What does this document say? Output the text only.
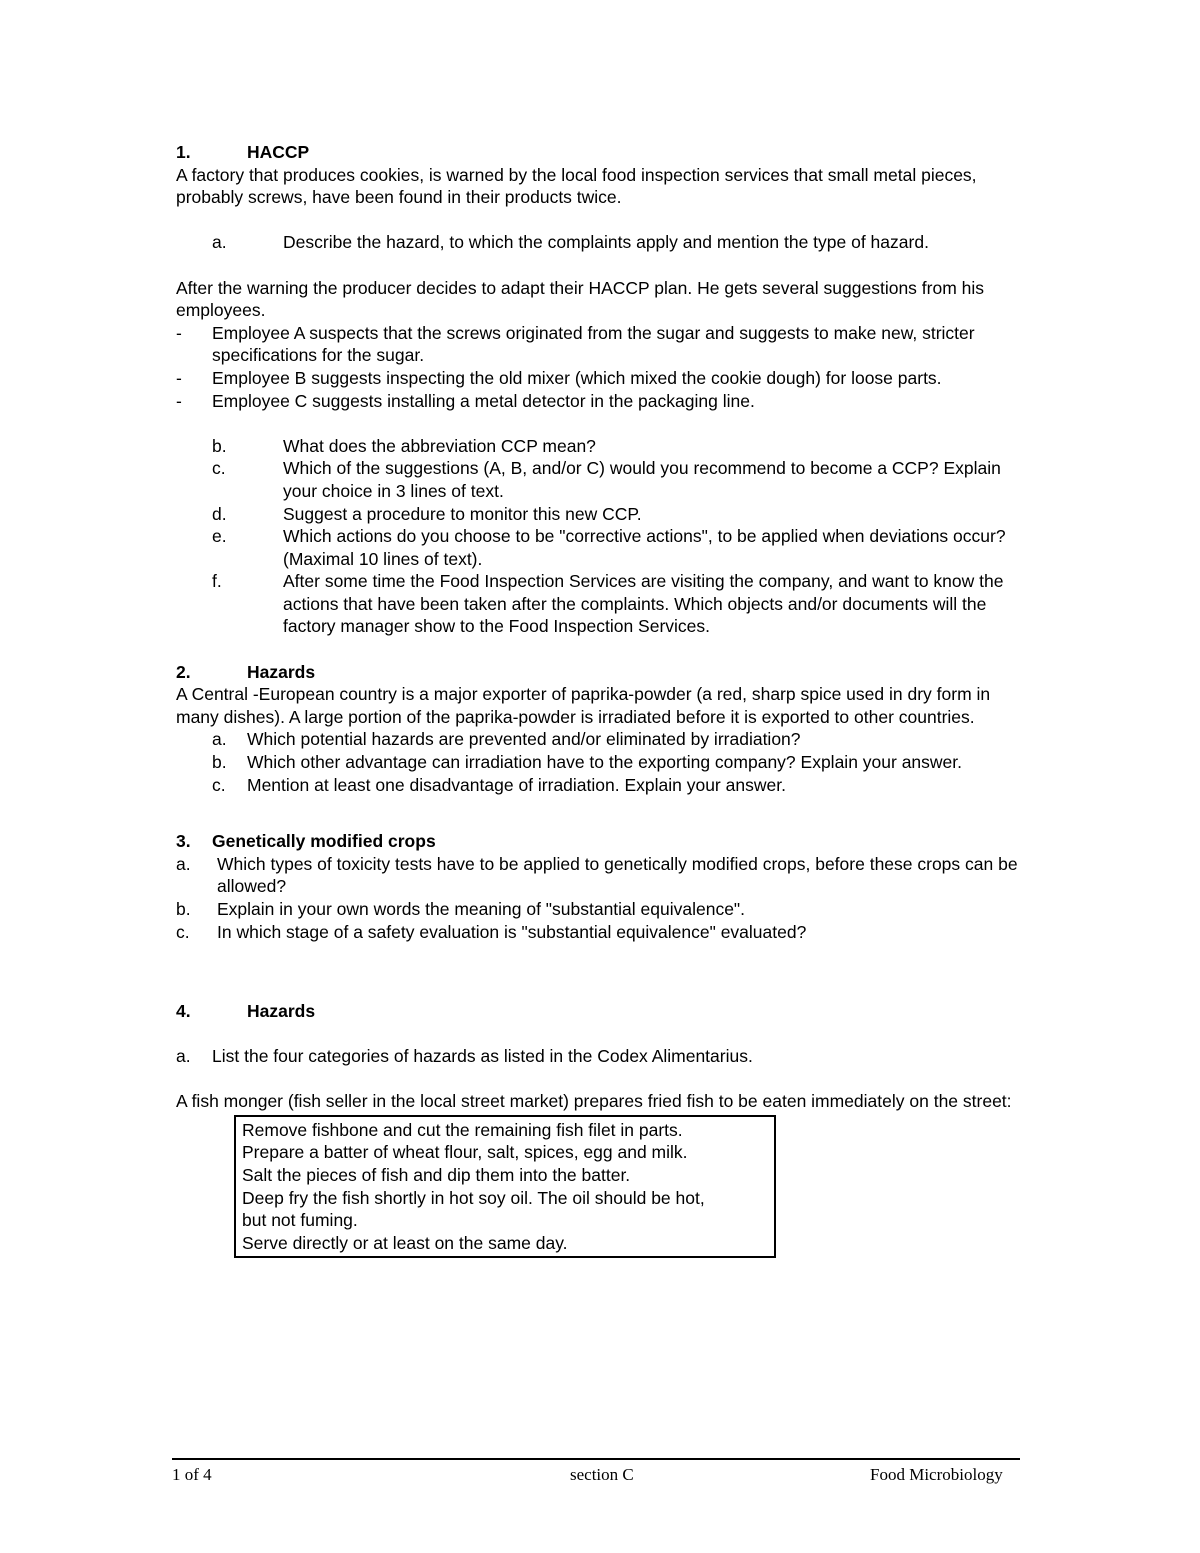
1.	HACCP

A factory that produces cookies, is warned by the local food inspection services that small metal pieces, probably screws, have been found in their products twice.

a.	Describe the hazard, to which the complaints apply and mention the type of hazard.

After the warning the producer decides to adapt their HACCP plan. He gets several suggestions from his employees.

-	Employee A suspects that the screws originated from the sugar and suggests to make new, stricter specifications for the sugar.
-	Employee B suggests inspecting the old mixer (which mixed the cookie dough) for loose parts.
-	Employee C suggests installing a metal detector in the packaging line.
b.	What does the abbreviation CCP mean?
c.	Which of the suggestions (A, B, and/or C) would you recommend to become a CCP? Explain your choice in 3 lines of text.
d.	Suggest a procedure to monitor this new CCP.
e.	Which actions do you choose to be "corrective actions", to be applied when deviations occur? (Maximal 10 lines of text).
f.	After some time the Food Inspection Services are visiting the company, and want to know the actions that have been taken after the complaints. Which objects and/or documents will the factory manager show to the Food Inspection Services.
2.	Hazards

A Central -European country is a major exporter of paprika-powder (a red, sharp spice used in dry form in many dishes). A large portion of the paprika-powder is irradiated before it is exported to other countries.

a.	Which potential hazards are prevented and/or eliminated by irradiation?
b.	Which other advantage can irradiation have to the exporting company? Explain your answer.
c.	Mention at least one disadvantage of irradiation. Explain your answer.
3.	Genetically modified crops
a.	Which types of toxicity tests have to be applied to genetically modified crops, before these crops can be allowed?
b.	Explain in your own words the meaning of "substantial equivalence".
c.	In which stage of a safety evaluation is "substantial equivalence" evaluated?
4.	Hazards
a.	List the four categories of hazards as listed in the Codex Alimentarius.

A fish monger (fish seller in the local street market) prepares fried fish to be eaten immediately on the street:

Remove fishbone and cut the remaining fish filet in parts.

Prepare a batter of wheat flour, salt, spices, egg and milk.

Salt the pieces of fish and dip them into the batter.

Deep fry the fish shortly in hot soy oil. The oil should be hot, but not fuming.

Serve directly or at least on the same day.

1 of 4	section C	Food Microbiology
